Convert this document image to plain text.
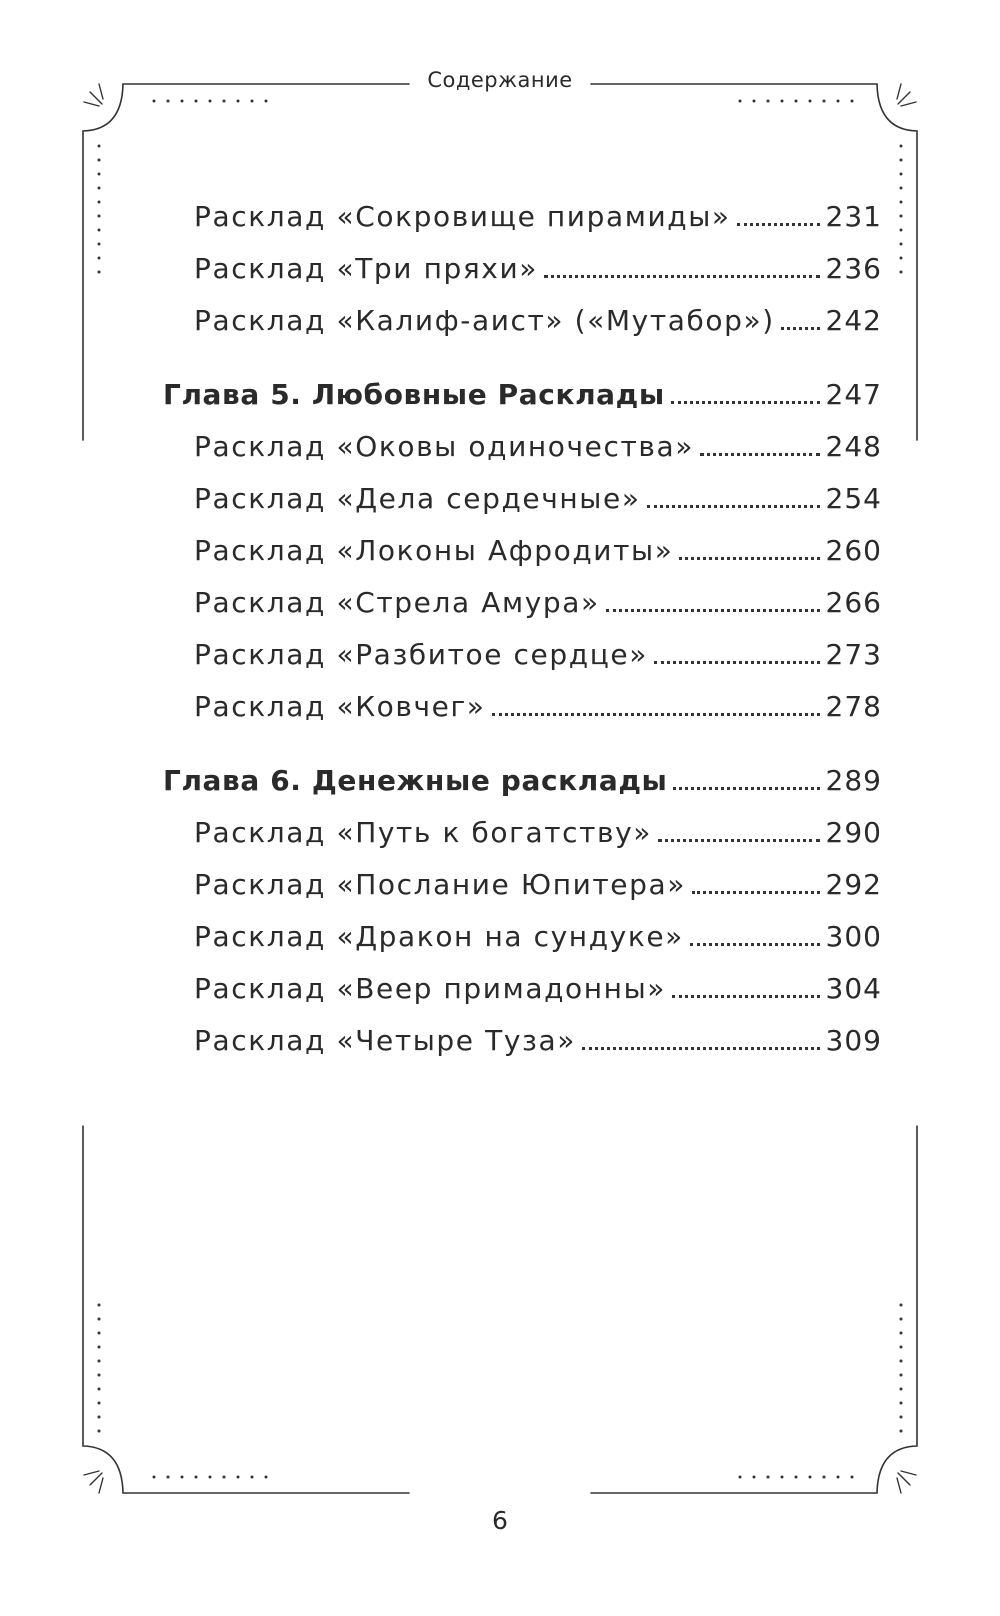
Содержание
Расклад «Сокровище пирамиды»	231
Расклад «Три пряхи»	236
Расклад «Калиф-аист» («Мутабор») 242
Глава 5. Любовные Расклады	247
Расклад «Оковы одиночества»	248
Расклад «Дела сердечные»	254
Расклад «Локоны Афродиты»	260
Расклад «Стрела Амура»	266
Расклад «Разбитое сердце»	273
Расклад «Ковчег»	278
Глава 6. Денежные расклады	289
Расклад «Путь к богатству»	290
Расклад «Послание Юпитера»	292
Расклад «Дракон на сундуке»	300
Расклад «Веер примадонны»	304
Расклад «Четыре Туза»	309
6
